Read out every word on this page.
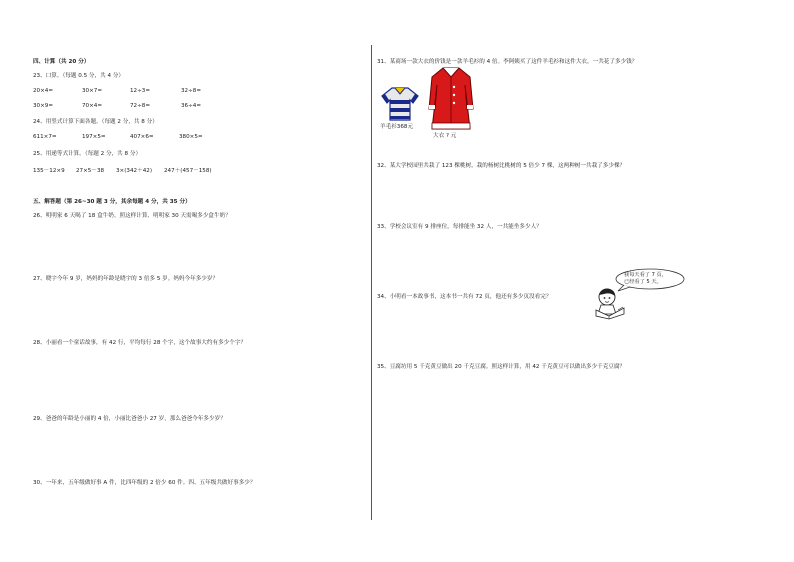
四、计算（共 20 分）
23、口算。（每题 0.5 分，共 4 分）
20×4=	30×7=	12÷3=	32÷8=
30×9=	70×4=	72÷8=	36÷4=
24、用竖式计算下面各题。（每题 2 分，共 8 分）
611×7=	197×5=	407×6=	380×5=
25、用递等式计算。（每题 2 分，共 8 分）
135－12×9 27×5－38 3×(342＋42) 247＋(457－158)
五、解答题（第 26~30 题 3 分，其余每题 4 分，共 35 分）
26、明明家 6 天喝了 18 盒牛奶。照这样计算，明明家 30 天需喝多少盒牛奶？
27、晓宇今年 9 岁，妈妈的年龄是晓宇的 3 倍多 5 岁。妈妈今年多少岁？
28、小丽看一个童话故事，有 42 行，平均每行 28 个字，这个故事大约有多少个字？
29、爸爸的年龄是小丽的 4 倍，小丽比爸爸小 27 岁，那么爸爸今年多少岁？
30、一年来，五年级做好事 A 件，比四年级的 2 倍少 60 件。四、五年级共做好事多少？
31、某商场一款大衣的价钱是一款羊毛衫的 4 倍。李阿姨买了这件羊毛衫和这件大衣，一共花了多少钱？
羊毛衫368元
大衣 ? 元
32、某大学校园里共栽了 123 棵桃树，栽的杨树比桃树的 5 倍少 7 棵，这两种树一共栽了多少棵？
33、学校会议室有 9 排座位，每排能坐 32 人，一共能坐多少人？
34、小明看一本故事书，这本书一共有 72 页，他还有多少页没看完？
我每天看了 7 页，
已经看了 5 天。
35、豆腐坊用 5 千克黄豆做出 20 千克豆腐。照这样计算，用 42 千克黄豆可以做出多少千克豆腐？
